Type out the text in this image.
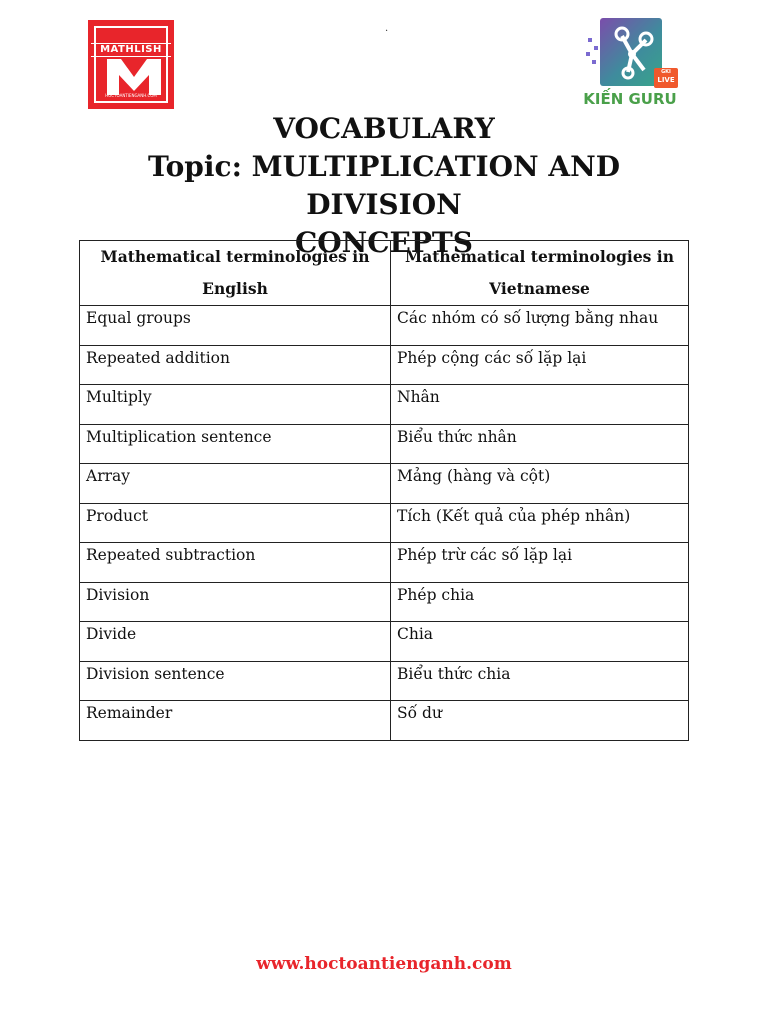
.
MATHLISH
HOCTOANTIENGANH.COM
GKI
LIVE
KIẾN GURU
VOCABULARY
Topic: MULTIPLICATION AND DIVISION
CONCEPTS
Mathematical terminologies in English	Mathematical terminologies in Vietnamese
Equal groups	Các nhóm có số lượng bằng nhau
Repeated addition	Phép cộng các số lặp lại
Multiply	Nhân
Multiplication sentence	Biểu thức nhân
Array	Mảng (hàng và cột)
Product	Tích (Kết quả của phép nhân)
Repeated subtraction	Phép trừ các số lặp lại
Division	Phép chia
Divide	Chia
Division sentence	Biểu thức chia
Remainder	Số dư
www.hoctoantienganh.com
